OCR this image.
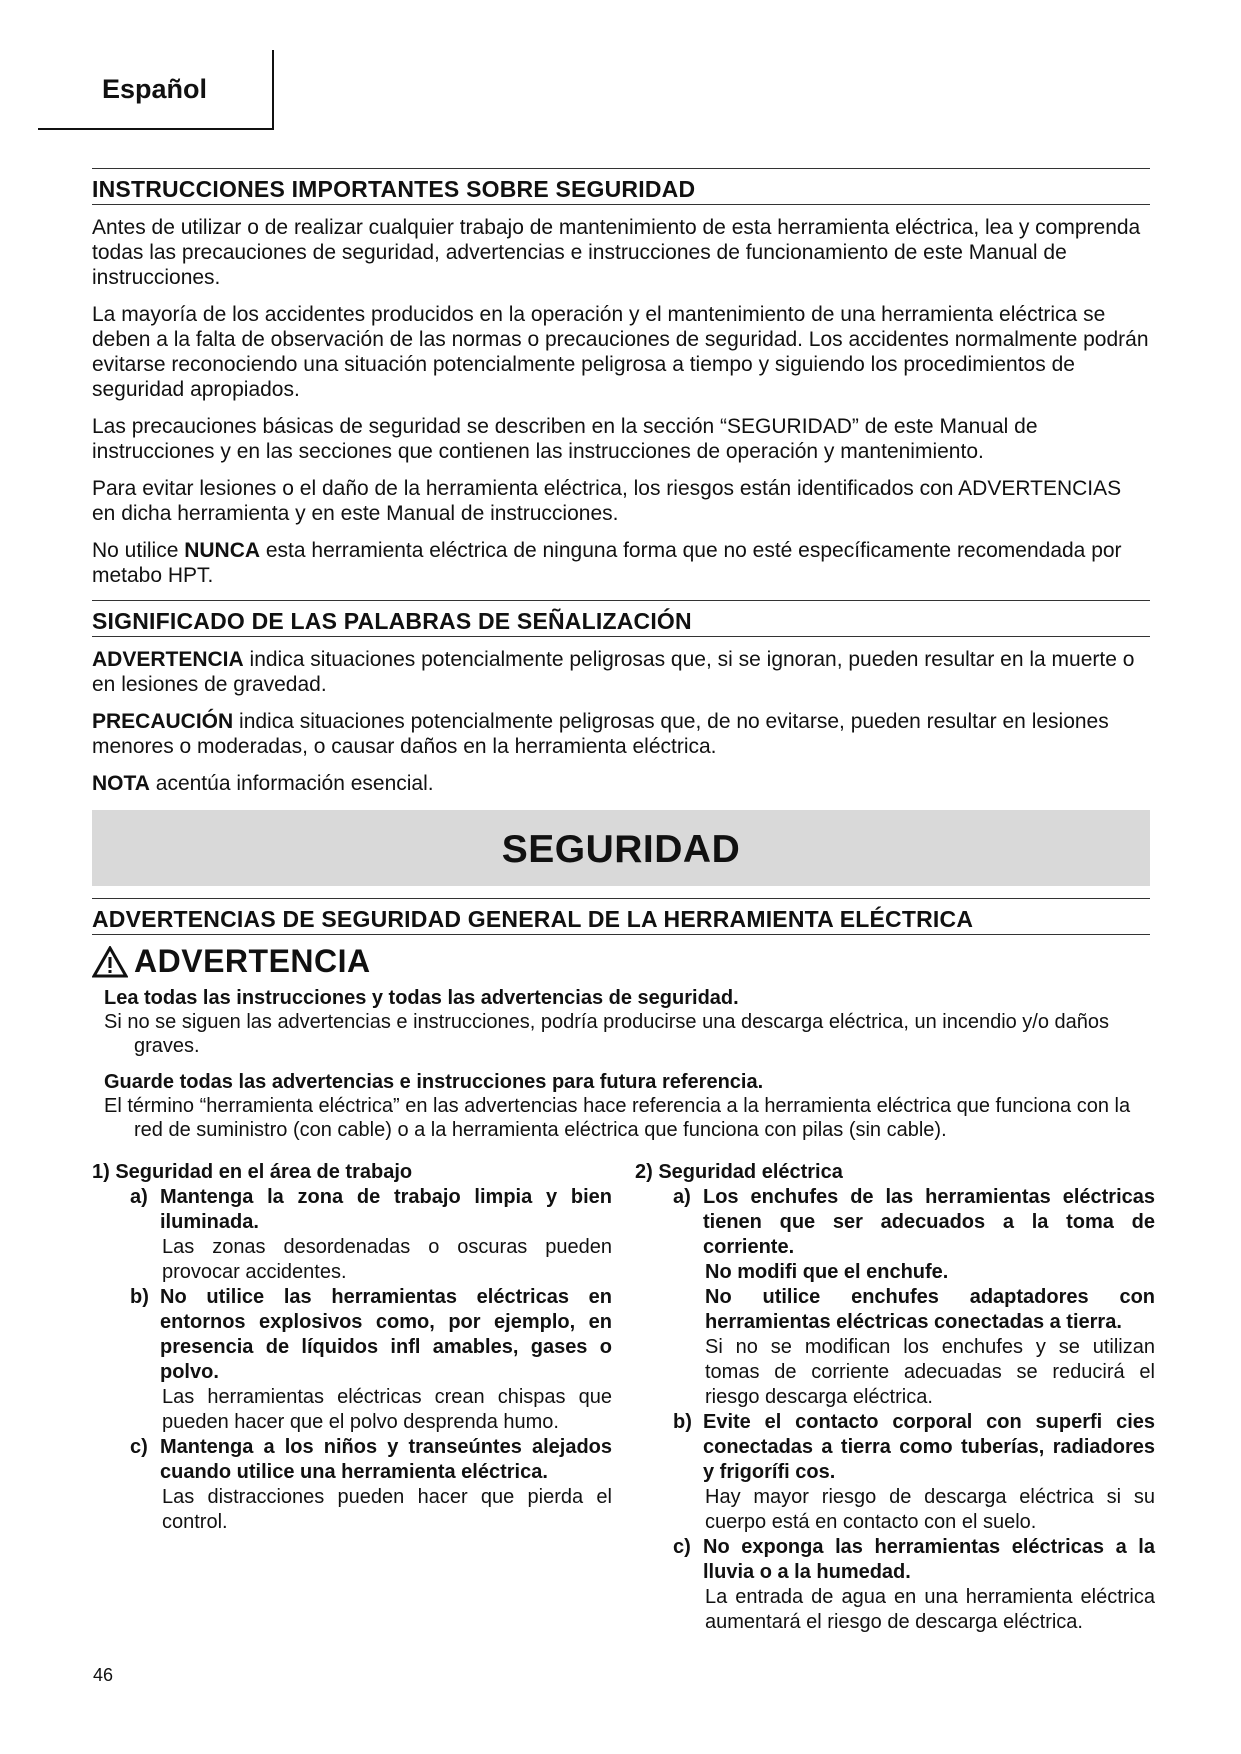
Español
INSTRUCCIONES IMPORTANTES SOBRE SEGURIDAD
Antes de utilizar o de realizar cualquier trabajo de mantenimiento de esta herramienta eléctrica, lea y comprenda todas las precauciones de seguridad, advertencias e instrucciones de funcionamiento de este Manual de instrucciones.
La mayoría de los accidentes producidos en la operación y el mantenimiento de una herramienta eléctrica se deben a la falta de observación de las normas o precauciones de seguridad. Los accidentes normalmente podrán evitarse reconociendo una situación potencialmente peligrosa a tiempo y siguiendo los procedimientos de seguridad apropiados.
Las precauciones básicas de seguridad se describen en la sección “SEGURIDAD” de este Manual de instrucciones y en las secciones que contienen las instrucciones de operación y mantenimiento.
Para evitar lesiones o el daño de la herramienta eléctrica, los riesgos están identificados con ADVERTENCIAS en dicha herramienta y en este Manual de instrucciones.
No utilice NUNCA esta herramienta eléctrica de ninguna forma que no esté específicamente recomendada por metabo HPT.
SIGNIFICADO DE LAS PALABRAS DE SEÑALIZACIÓN
ADVERTENCIA indica situaciones potencialmente peligrosas que, si se ignoran, pueden resultar en la muerte o en lesiones de gravedad.
PRECAUCIÓN indica situaciones potencialmente peligrosas que, de no evitarse, pueden resultar en lesiones menores o moderadas, o causar daños en la herramienta eléctrica.
NOTA acentúa información esencial.
SEGURIDAD
ADVERTENCIAS DE SEGURIDAD GENERAL DE LA HERRAMIENTA ELÉCTRICA
ADVERTENCIA
Lea todas las instrucciones y todas las advertencias de seguridad.
Si no se siguen las advertencias e instrucciones, podría producirse una descarga eléctrica, un incendio y/o daños graves.
Guarde todas las advertencias e instrucciones para futura referencia.
El término “herramienta eléctrica” en las advertencias hace referencia a la herramienta eléctrica que funciona con la red de suministro (con cable) o a la herramienta eléctrica que funciona con pilas (sin cable).
1) Seguridad en el área de trabajo
a) Mantenga la zona de trabajo limpia y bien iluminada.
Las zonas desordenadas o oscuras pueden provocar accidentes.
b) No utilice las herramientas eléctricas en entornos explosivos como, por ejemplo, en presencia de líquidos infl amables, gases o polvo.
Las herramientas eléctricas crean chispas que pueden hacer que el polvo desprenda humo.
c) Mantenga a los niños y transeúntes alejados cuando utilice una herramienta eléctrica.
Las distracciones pueden hacer que pierda el control.
2) Seguridad eléctrica
a) Los enchufes de las herramientas eléctricas tienen que ser adecuados a la toma de corriente.
No modifi que el enchufe.
No utilice enchufes adaptadores con herramientas eléctricas conectadas a tierra.
Si no se modifican los enchufes y se utilizan tomas de corriente adecuadas se reducirá el riesgo descarga eléctrica.
b) Evite el contacto corporal con superfi cies conectadas a tierra como tuberías, radiadores y frigorífi cos.
Hay mayor riesgo de descarga eléctrica si su cuerpo está en contacto con el suelo.
c) No exponga las herramientas eléctricas a la lluvia o a la humedad.
La entrada de agua en una herramienta eléctrica aumentará el riesgo de descarga eléctrica.
46
